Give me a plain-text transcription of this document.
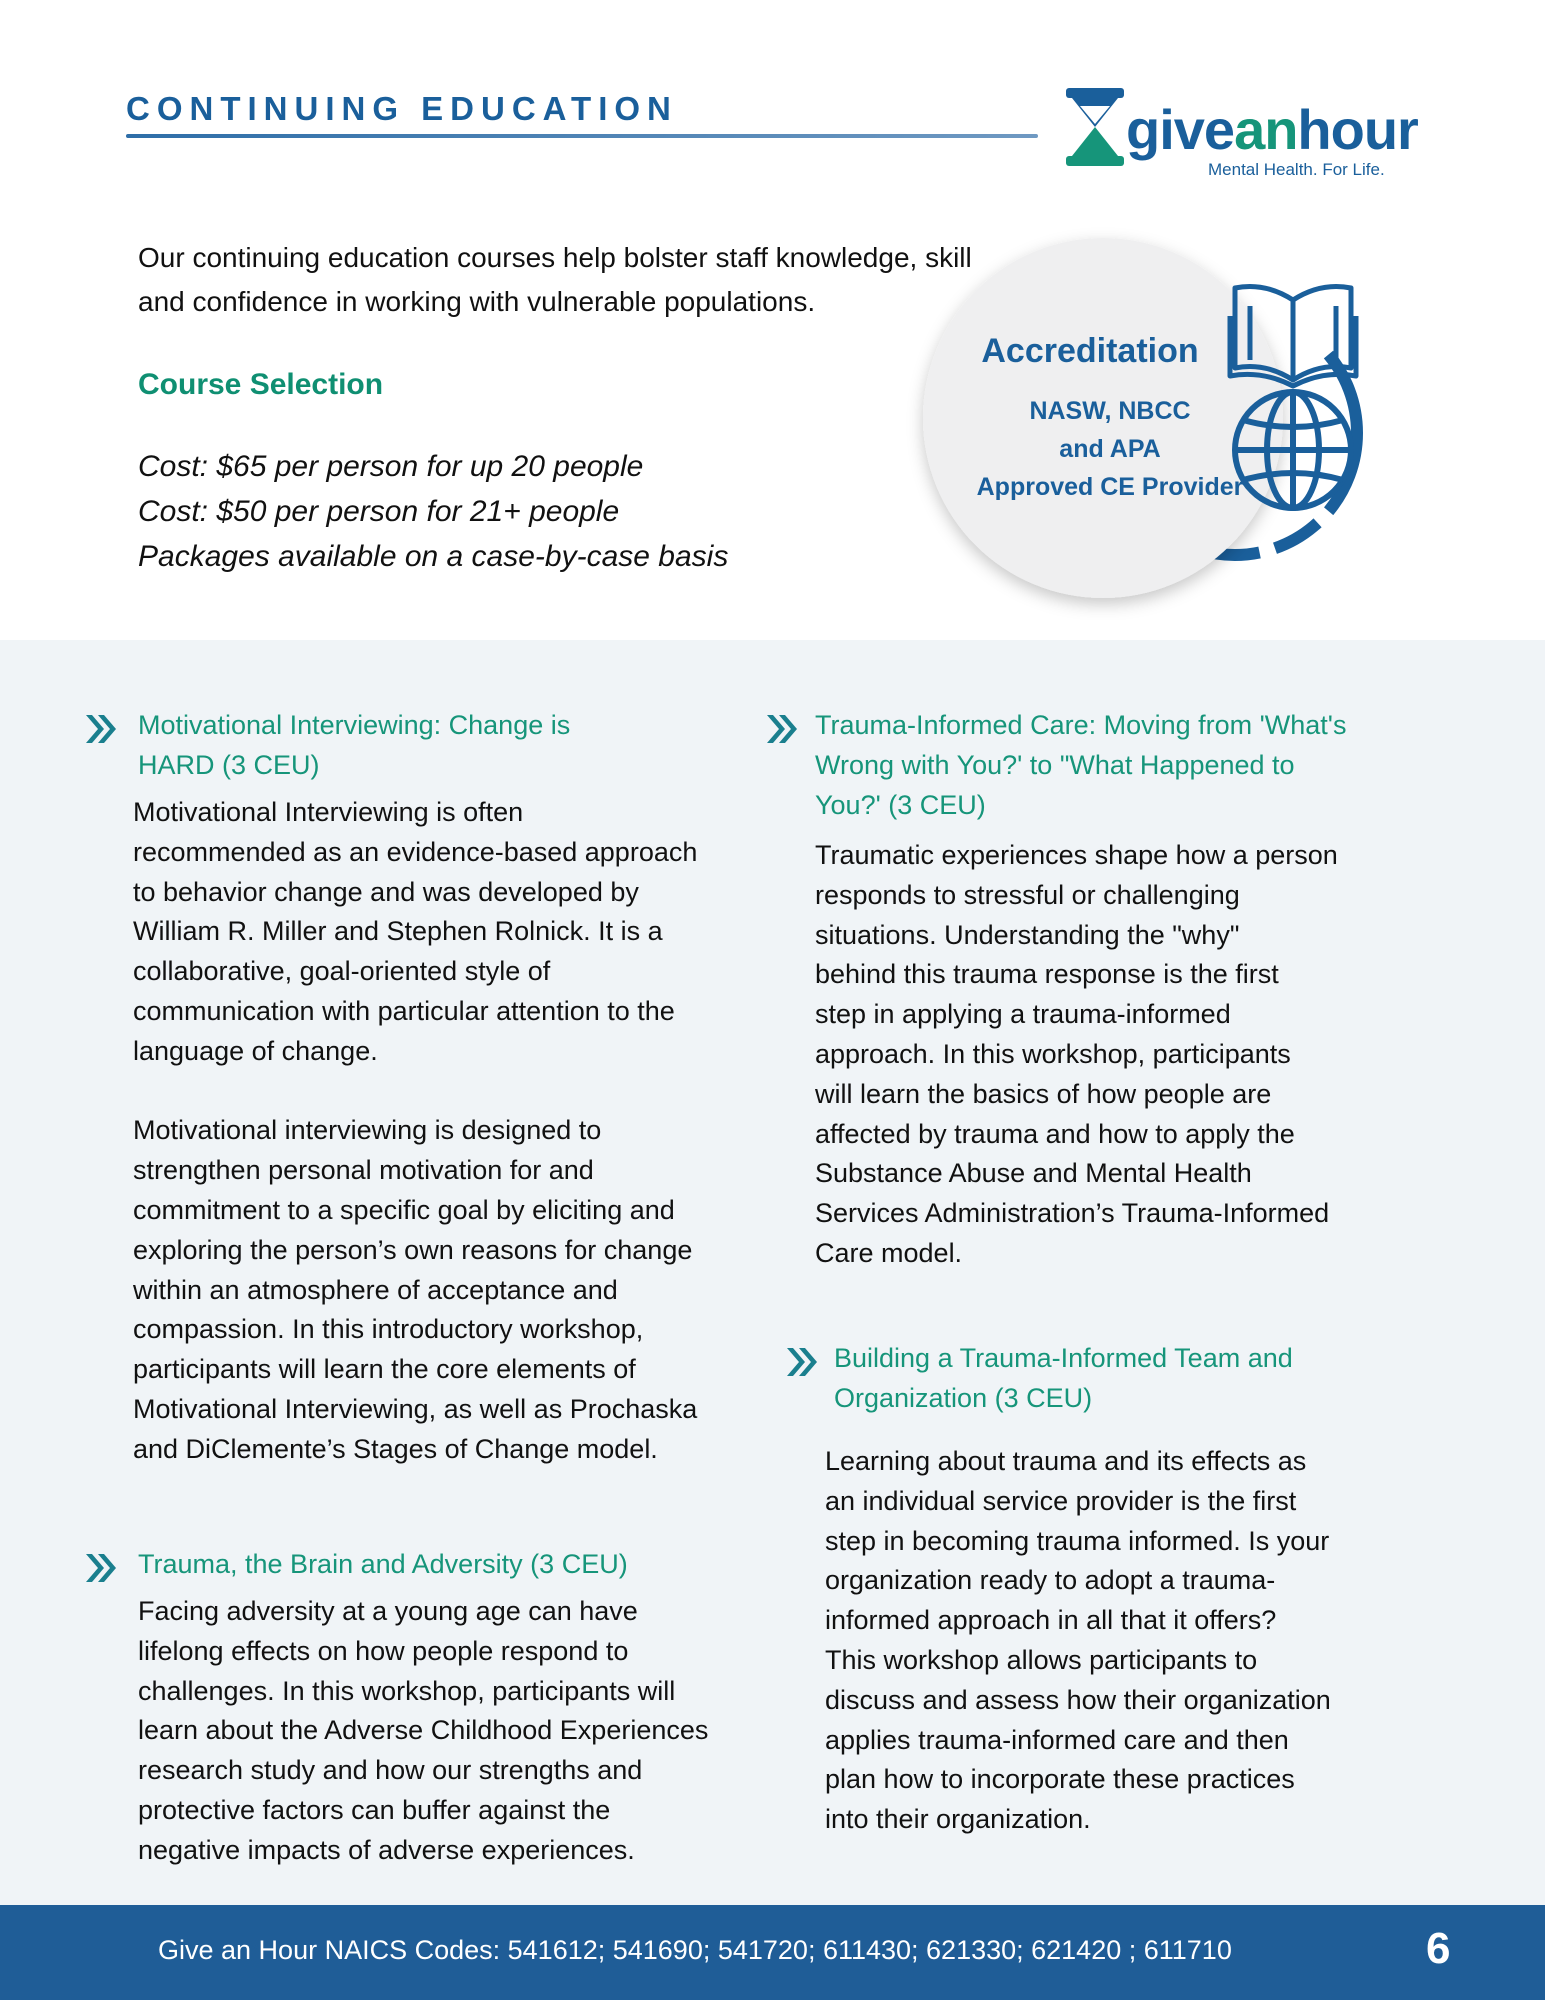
CONTINUING EDUCATION	giveanhour
Mental Health. For Life.
Our continuing education courses help bolster staff knowledge, skill and confidence in working with vulnerable populations.
Course Selection
Cost: $65 per person for up 20 people
Cost: $50 per person for 21+ people
Packages available on a case-by-case basis
Accreditation
NASW, NBCC
and APA
Approved CE Provider
Motivational Interviewing: Change is
HARD (3 CEU)
Motivational Interviewing is often
recommended as an evidence-based approach
to behavior change and was developed by
William R. Miller and Stephen Rolnick. It is a
collaborative, goal-oriented style of
communication with particular attention to the
language of change.
Motivational interviewing is designed to
strengthen personal motivation for and
commitment to a specific goal by eliciting and
exploring the person’s own reasons for change
within an atmosphere of acceptance and
compassion. In this introductory workshop,
participants will learn the core elements of
Motivational Interviewing, as well as Prochaska
and DiClemente’s Stages of Change model.
Trauma, the Brain and Adversity (3 CEU)
Facing adversity at a young age can have
lifelong effects on how people respond to
challenges. In this workshop, participants will
learn about the Adverse Childhood Experiences
research study and how our strengths and
protective factors can buffer against the
negative impacts of adverse experiences.
Trauma-Informed Care: Moving from 'What's
Wrong with You?' to "What Happened to
You?' (3 CEU)
Traumatic experiences shape how a person
responds to stressful or challenging
situations. Understanding the "why"
behind this trauma response is the first
step in applying a trauma-informed
approach. In this workshop, participants
will learn the basics of how people are
affected by trauma and how to apply the
Substance Abuse and Mental Health
Services Administration’s Trauma-Informed
Care model.
Building a Trauma-Informed Team and
Organization (3 CEU)
Learning about trauma and its effects as
an individual service provider is the first
step in becoming trauma informed. Is your
organization ready to adopt a trauma-
informed approach in all that it offers?
This workshop allows participants to
discuss and assess how their organization
applies trauma-informed care and then
plan how to incorporate these practices
into their organization.
Give an Hour NAICS Codes: 541612; 541690; 541720; 611430; 621330; 621420 ; 611710	6
